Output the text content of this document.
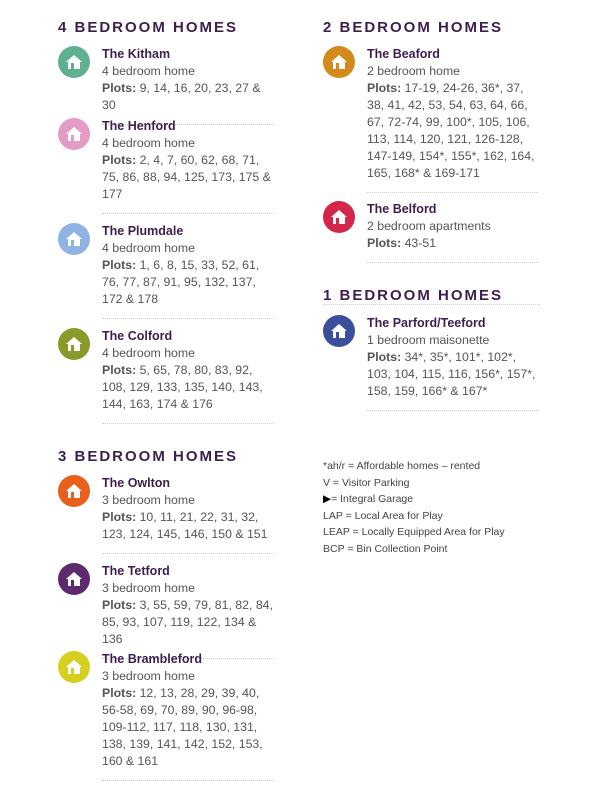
4 BEDROOM HOMES
3 BEDROOM HOMES
2 BEDROOM HOMES
1 BEDROOM HOMES
The Kitham
4 bedroom home
Plots: 9, 14, 16, 20, 23, 27 & 30
The Henford
4 bedroom home
Plots: 2, 4, 7, 60, 62, 68, 71, 75, 86, 88, 94, 125, 173, 175 & 177
The Plumdale
4 bedroom home
Plots: 1, 6, 8, 15, 33, 52, 61, 76, 77, 87, 91, 95, 132, 137, 172 & 178
The Colford
4 bedroom home
Plots: 5, 65, 78, 80, 83, 92, 108, 129, 133, 135, 140, 143, 144, 163, 174 & 176
The Owlton
3 bedroom home
Plots: 10, 11, 21, 22, 31, 32, 123, 124, 145, 146, 150 & 151
The Tetford
3 bedroom home
Plots: 3, 55, 59, 79, 81, 82, 84, 85, 93, 107, 119, 122, 134 & 136
The Brambleford
3 bedroom home
Plots: 12, 13, 28, 29, 39, 40, 56-58, 69, 70, 89, 90, 96-98, 109-112, 117, 118, 130, 131, 138, 139, 141, 142, 152, 153, 160 & 161
The Beaford
2 bedroom home
Plots: 17-19, 24-26, 36*, 37, 38, 41, 42, 53, 54, 63, 64, 66, 67, 72-74, 99, 100*, 105, 106, 113, 114, 120, 121, 126-128, 147-149, 154*, 155*, 162, 164, 165, 168* & 169-171
The Belford
2 bedroom apartments
Plots: 43-51
The Parford/Teeford
1 bedroom maisonette
Plots: 34*, 35*, 101*, 102*, 103, 104, 115, 116, 156*, 157*, 158, 159, 166* & 167*
*ah/r = Affordable homes – rented
V = Visitor Parking
▶= Integral Garage
LAP = Local Area for Play
LEAP = Locally Equipped Area for Play
BCP = Bin Collection Point
